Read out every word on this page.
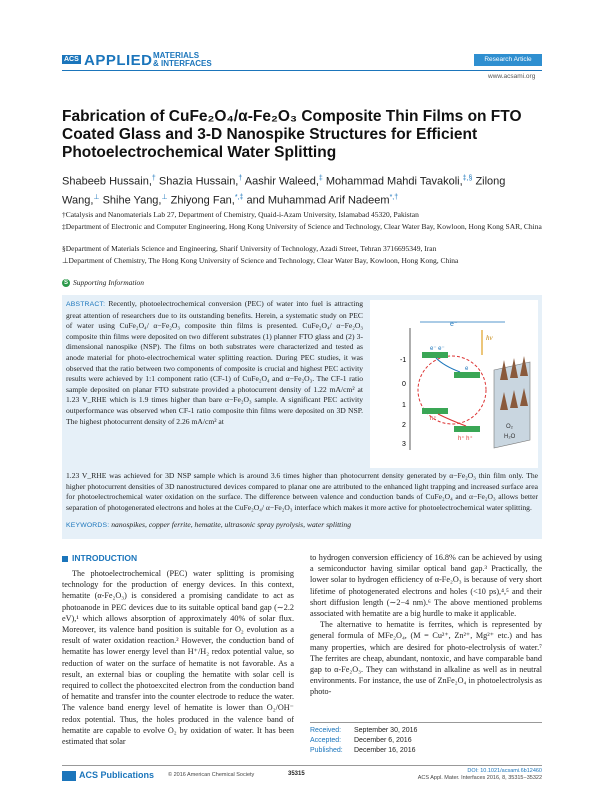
ACS APPLIED MATERIALS
& INTERFACES	Research Article
www.acsami.org
Fabrication of CuFe₂O₄/α-Fe₂O₃ Composite Thin Films on FTO Coated Glass and 3-D Nanospike Structures for Efficient Photoelectrochemical Water Splitting
Shabeeb Hussain,† Shazia Hussain,† Aashir Waleed,‡ Mohammad Mahdi Tavakoli,‡,§ Zilong Wang,⊥ Shihe Yang,⊥ Zhiyong Fan,*,‡ and Muhammad Arif Nadeem*,†
†Catalysis and Nanomaterials Lab 27, Department of Chemistry, Quaid-i-Azam University, Islamabad 45320, Pakistan
‡Department of Electronic and Computer Engineering, Hong Kong University of Science and Technology, Clear Water Bay, Kowloon, Hong Kong SAR, China
§Department of Materials Science and Engineering, Sharif University of Technology, Azadi Street, Tehran 3716695349, Iran
⊥Department of Chemistry, The Hong Kong University of Science and Technology, Clear Water Bay, Kowloon, Hong Kong, China
S Supporting Information
ABSTRACT: Recently, photoelectrochemical conversion (PEC) of water into fuel is attracting great attention of researchers due to its outstanding benefits. Herein, a systematic study on PEC of water using CuFe₂O₄/ α−Fe₂O₃ composite thin films is presented. CuFe₂O₄/ α−Fe₂O₃ composite thin films were deposited on two different substrates (1) planner FTO glass and (2) 3-dimensional nanospike (NSP). The films on both substrates were characterized and tested as anode material for photo-electrochemical water splitting reaction. During PEC studies, it was observed that the ratio between two components of composite is crucial and highest PEC activity results were achieved by 1:1 component ratio (CF-1) of CuFe₂O₄ and α−Fe₂O₃. The CF-1 ratio sample deposited on planar FTO substrate provided a photocurrent density of 1.22 mA/cm² at 1.23 V_RHE which is 1.9 times higher than bare α−Fe₂O₃ sample. A significant PEC activity outperformance was observed when CF-1 ratio composite thin films were deposited on 3D NSP. The highest photocurrent density of 2.26 mA/cm² at
1.23 V_RHE was achieved for 3D NSP sample which is around 3.6 times higher than photocurrent density generated by α−Fe₂O₃ thin film only. The higher photocurrent densities of 3D nanostructured devices compared to planar one are attributed to the enhanced light trapping and increased surface area for photoelectrochemical water oxidation on the surface. The difference between valence and conduction bands of CuFe₂O₄ and α−Fe₂O₃ allows better separation of photogenerated electrons and holes at the CuFe₂O₄/ α−Fe₂O₃ interface which makes it more active for photoelectrochemical water splitting.
KEYWORDS: nanospikes, copper ferrite, hematite, ultrasonic spray pyrolysis, water splitting
-1
0
1
2
3
e⁻ e⁻
e
h⁺
h⁺ h⁺
hν
e⁻
O₂
H₂O
INTRODUCTION

The photoelectrochemical (PEC) water splitting is promising technology for the production of energy devices. In this context, hematite (α-Fe₂O₃) is considered a promising candidate to act as photoanode in PEC devices due to its suitable optical band gap (∼2.2 eV),¹ which allows absorption of approximately 40% of solar flux. Moreover, its valence band position is suitable for O₂ evolution as a result of water oxidation reaction.² However, the conduction band of hematite has lower energy level than H⁺/H₂ redox potential value, so reduction of water on the surface of hematite is not favorable. As a result, an external bias or coupling the hematite with solar cell is required to collect the photoexcited electron from the conduction band of hematite and transfer into the counter electrode to reduce the water. The valence band energy level of hematite is lower than O₂/OH⁻ redox potential. Thus, the holes produced in the valence band of hematite are capable to evolve O₂ by oxidation of water. It has been estimated that solar

to hydrogen conversion efficiency of 16.8% can be achieved by using a semiconductor having similar optical band gap.³ Practically, the lower solar to hydrogen efficiency of α-Fe₂O₃ is because of very short lifetime of photogenerated electrons and holes (<10 ps),⁴,⁵ and their short diffusion length (∼2−4 nm).⁶ The above mentioned problems associated with hematite are a big hurdle to make it applicable.

The alternative to hematite is ferrites, which is represented by general formula of MFe₂O₄, (M = Cu²⁺, Zn²⁺, Mg²⁺ etc.) and has many properties, which are desired for photo-electrolysis of water.⁷ The ferrites are cheap, abundant, nontoxic, and have comparable band gap to α-Fe₂O₃. They can withstand in alkaline as well as in neutral environments. For instance, the use of ZnFe₂O₄ in photoelectrolysis as photo-

Received: September 30, 2016
Accepted: December 6, 2016
Published: December 16, 2016
ACS Publications	© 2016 American Chemical Society	35315	DOI: 10.1021/acsami.6b12460
ACS Appl. Mater. Interfaces 2016, 8, 35315−35322
